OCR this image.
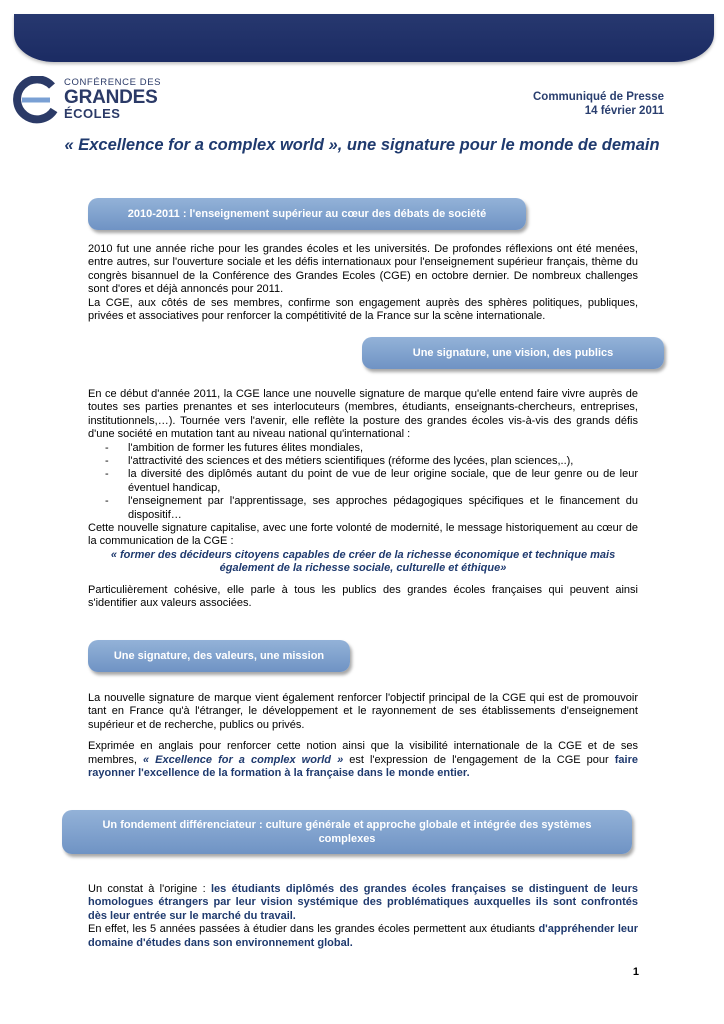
CONFÉRENCE DES
GRANDES
ÉCOLES
Communiqué de Presse
14 février 2011
« Excellence for a complex world », une signature pour le monde de demain
2010-2011 : l'enseignement supérieur au cœur des débats de société

2010 fut une année riche pour les grandes écoles et les universités. De profondes réflexions ont été menées, entre autres, sur l'ouverture sociale et les défis internationaux pour l'enseignement supérieur français, thème du congrès bisannuel de la Conférence des Grandes Ecoles (CGE) en octobre dernier. De nombreux challenges sont d'ores et déjà annoncés pour 2011.

La CGE, aux côtés de ses membres, confirme son engagement auprès des sphères politiques, publiques, privées et associatives pour renforcer la compétitivité de la France sur la scène internationale.

Une signature, une vision, des publics

En ce début d'année 2011, la CGE lance une nouvelle signature de marque qu'elle entend faire vivre auprès de toutes ses parties prenantes et ses interlocuteurs (membres, étudiants, enseignants-chercheurs, entreprises, institutionnels,…). Tournée vers l'avenir, elle reflète la posture des grandes écoles vis-à-vis des grands défis d'une société en mutation tant au niveau national qu'international :

- l'ambition de former les futures élites mondiales,
- l'attractivité des sciences et des métiers scientifiques (réforme des lycées, plan sciences,..),
- la diversité des diplômés autant du point de vue de leur origine sociale, que de leur genre ou de leur éventuel handicap,
- l'enseignement par l'apprentissage, ses approches pédagogiques spécifiques et le financement du dispositif…

Cette nouvelle signature capitalise, avec une forte volonté de modernité, le message historiquement au cœur de la communication de la CGE :

« former des décideurs citoyens capables de créer de la richesse économique et technique mais également de la richesse sociale, culturelle et éthique»

Particulièrement cohésive, elle parle à tous les publics des grandes écoles françaises qui peuvent ainsi s'identifier aux valeurs associées.

Une signature, des valeurs, une mission

La nouvelle signature de marque vient également renforcer l'objectif principal de la CGE qui est de promouvoir tant en France qu'à l'étranger, le développement et le rayonnement de ses établissements d'enseignement supérieur et de recherche, publics ou privés.

Exprimée en anglais pour renforcer cette notion ainsi que la visibilité internationale de la CGE et de ses membres, « Excellence for a complex world » est l'expression de l'engagement de la CGE pour faire rayonner l'excellence de la formation à la française dans le monde entier.

Un fondement différenciateur : culture générale et approche globale et intégrée des systèmes complexes

Un constat à l'origine : les étudiants diplômés des grandes écoles françaises se distinguent de leurs homologues étrangers par leur vision systémique des problématiques auxquelles ils sont confrontés dès leur entrée sur le marché du travail.

En effet, les 5 années passées à étudier dans les grandes écoles permettent aux étudiants d'appréhender leur domaine d'études dans son environnement global.

1
